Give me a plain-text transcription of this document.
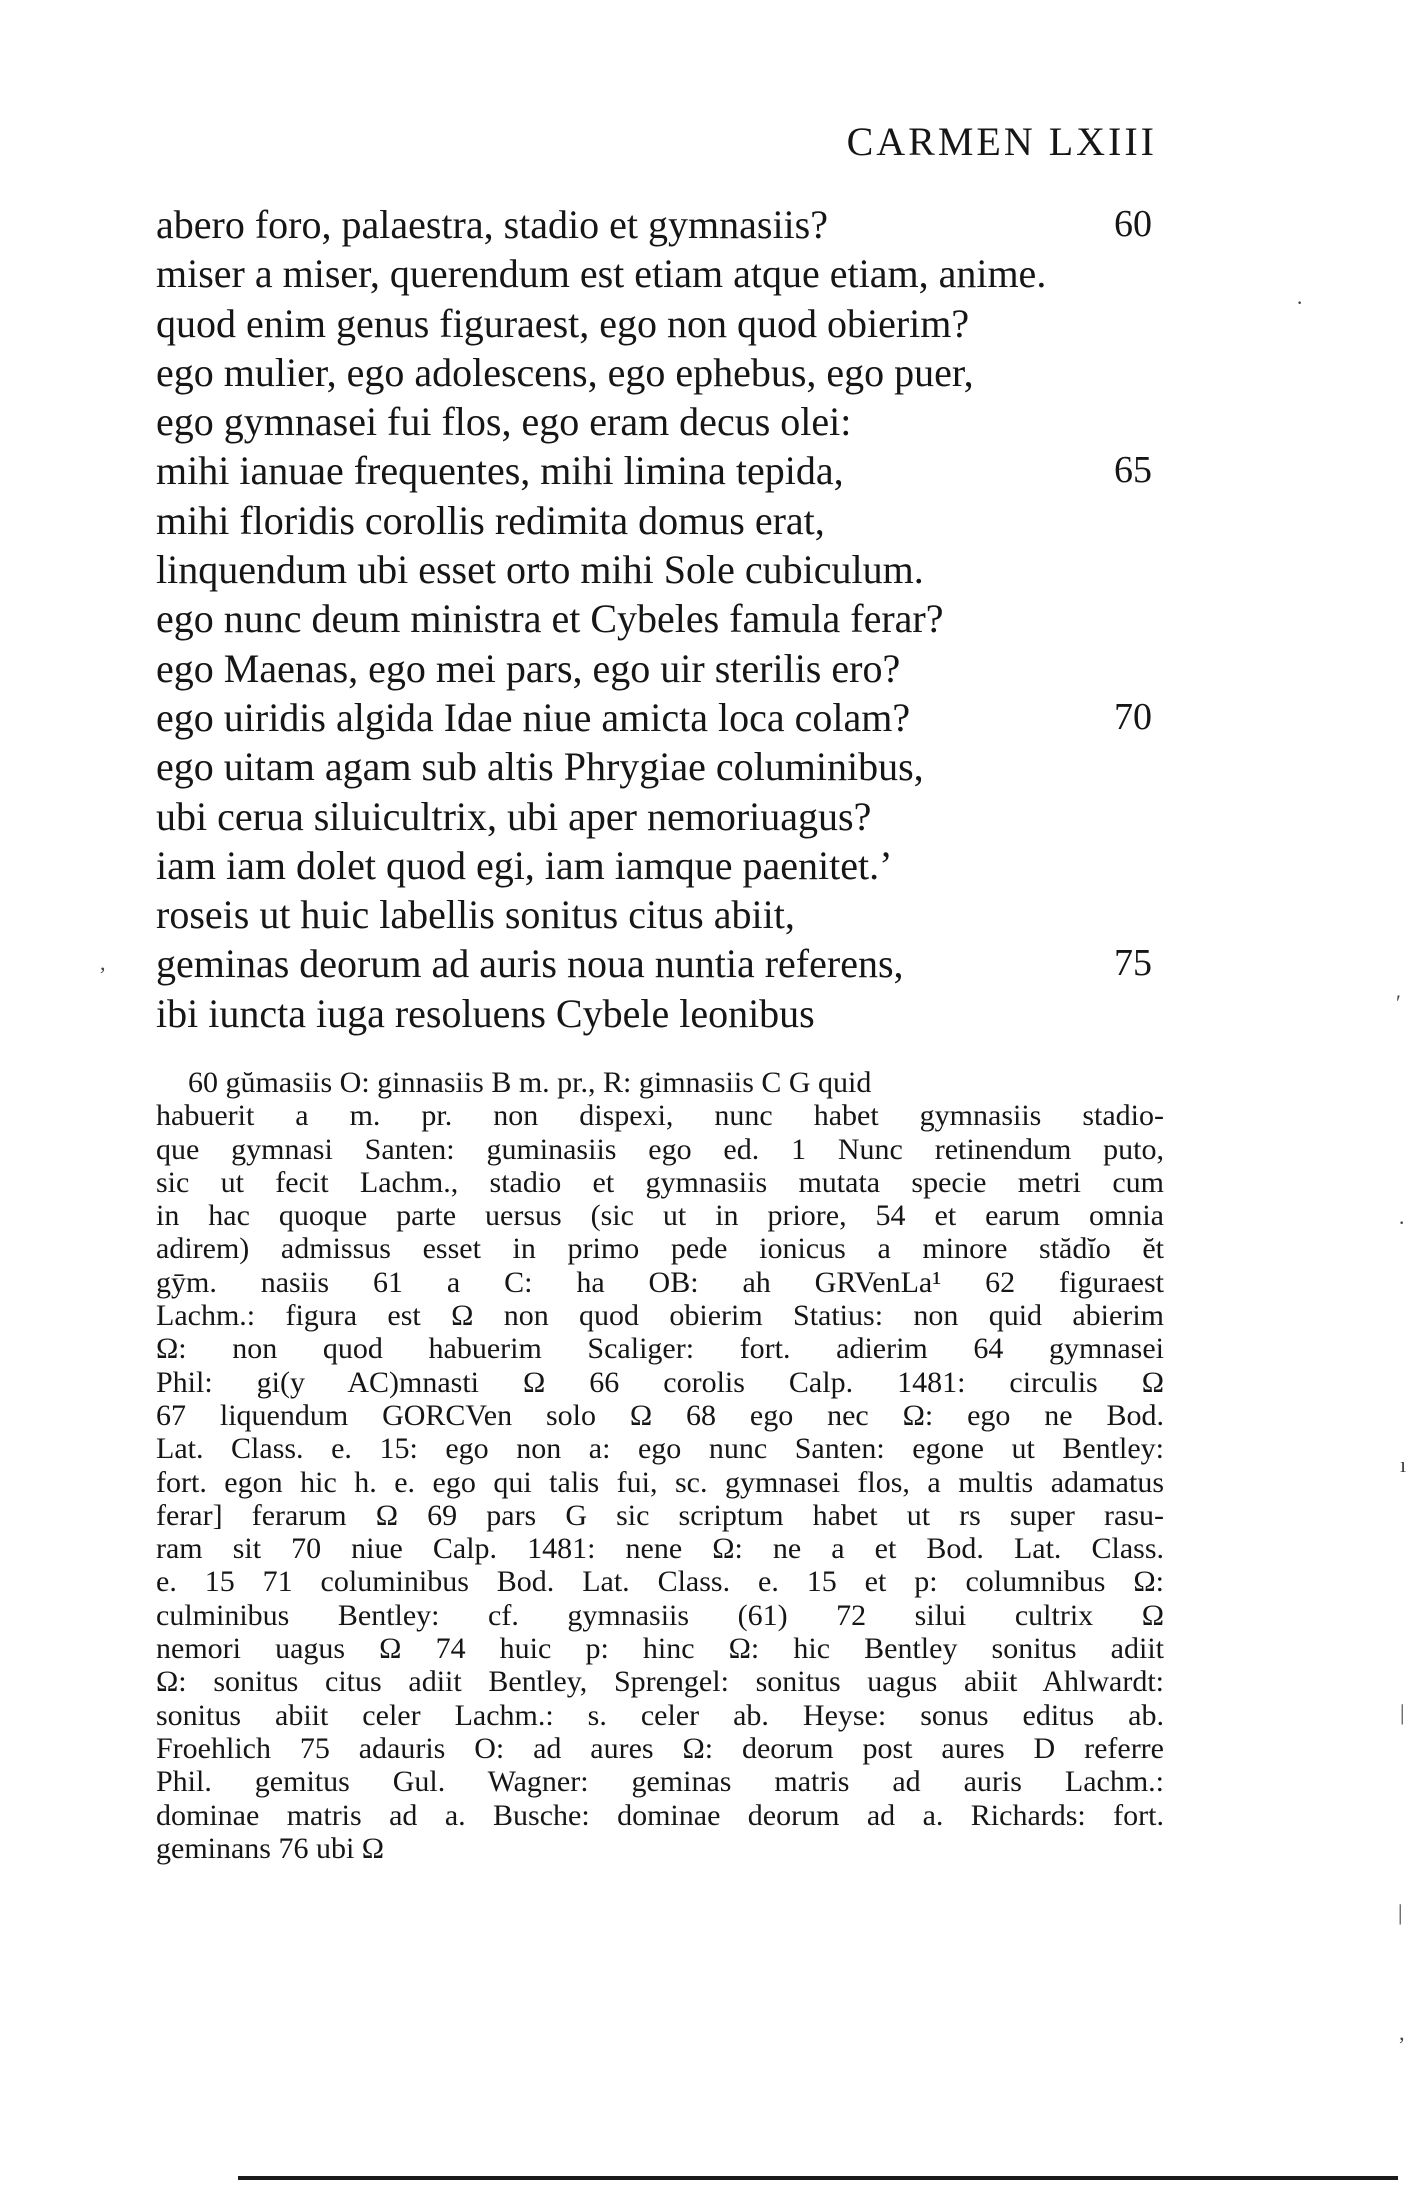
CARMEN LXIII
abero foro, palaestra, stadio et gymnasiis?	60
miser a miser, querendum est etiam atque etiam, anime.
quod enim genus figuraest, ego non quod obierim?
ego mulier, ego adolescens, ego ephebus, ego puer,
ego gymnasei fui flos, ego eram decus olei:
mihi ianuae frequentes, mihi limina tepida,	65
mihi floridis corollis redimita domus erat,
linquendum ubi esset orto mihi Sole cubiculum.
ego nunc deum ministra et Cybeles famula ferar?
ego Maenas, ego mei pars, ego uir sterilis ero?
ego uiridis algida Idae niue amicta loca colam?	70
ego uitam agam sub altis Phrygiae columinibus,
ubi cerua siluicultrix, ubi aper nemoriuagus?
iam iam dolet quod egi, iam iamque paenitet.’
roseis ut huic labellis sonitus citus abiit,
geminas deorum ad auris noua nuntia referens,	75
ibi iuncta iuga resoluens Cybele leonibus
60 gŭmasiis O: ginnasiis B m. pr., R: gimnasiis C G quid
habuerit a m. pr. non dispexi, nunc habet gymnasiis stadio-
que gymnasi Santen: guminasiis ego ed. 1 Nunc retinendum puto,
sic ut fecit Lachm., stadio et gymnasiis mutata specie metri cum
in hac quoque parte uersus (sic ut in priore, 54 et earum omnia
adirem) admissus esset in primo pede ionicus a minore stădĭo ĕt
gȳm. nasiis 61 a C: ha OB: ah GRVenLa¹ 62 figuraest
Lachm.: figura est Ω non quod obierim Statius: non quid abierim
Ω: non quod habuerim Scaliger: fort. adierim 64 gymnasei
Phil: gi(y AC)mnasti Ω 66 corolis Calp. 1481: circulis Ω
67 liquendum GORCVen solo Ω 68 ego nec Ω: ego ne Bod.
Lat. Class. e. 15: ego non a: ego nunc Santen: egone ut Bentley:
fort. egon hic h. e. ego qui talis fui, sc. gymnasei flos, a multis adamatus
ferar] ferarum Ω 69 pars G sic scriptum habet ut rs super rasu-
ram sit 70 niue Calp. 1481: nene Ω: ne a et Bod. Lat. Class.
e. 15 71 columinibus Bod. Lat. Class. e. 15 et p: columnibus Ω:
culminibus Bentley: cf. gymnasiis (61) 72 silui cultrix Ω
nemori uagus Ω 74 huic p: hinc Ω: hic Bentley sonitus adiit
Ω: sonitus citus adiit Bentley, Sprengel: sonitus uagus abiit Ahlwardt:
sonitus abiit celer Lachm.: s. celer ab. Heyse: sonus editus ab.
Froehlich 75 adauris O: ad aures Ω: deorum post aures D referre
Phil. gemitus Gul. Wagner: geminas matris ad auris Lachm.:
dominae matris ad a. Busche: dominae deorum ad a. Richards: fort.
geminans 76 ubi Ω
·
′
·
ı
|
|
‚
,
